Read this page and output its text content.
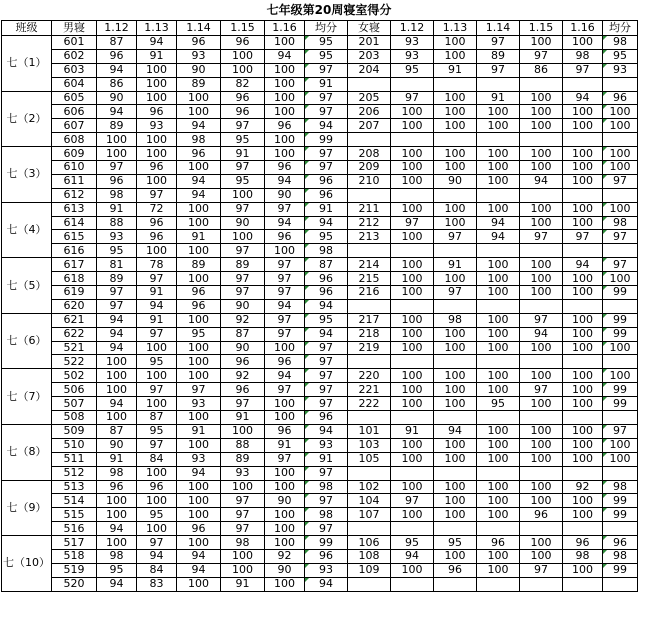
七年级第20周寝室得分
班级	男寝	1.12	1.13	1.14	1.15	1.16	均分	女寝	1.12	1.13	1.14	1.15	1.16	均分
七（1）	601	87	94	96	96	100	95	201	93	100	97	100	100	98
	602	96	91	93	100	94	95	203	93	100	89	97	98	95
	603	94	100	90	100	100	97	204	95	91	97	86	97	93
	604	86	100	89	82	100	91							
七（2）	605	90	100	100	96	100	97	205	97	100	91	100	94	96
	606	94	96	100	96	100	97	206	100	100	100	100	100	100
	607	89	93	94	97	96	94	207	100	100	100	100	100	100
	608	100	100	98	95	100	99							
七（3）	609	100	100	96	91	100	97	208	100	100	100	100	100	100
	610	97	96	100	97	96	97	209	100	100	100	100	100	100
	611	96	100	94	95	94	96	210	100	90	100	94	100	97
	612	98	97	94	100	90	96							
七（4）	613	91	72	100	97	97	91	211	100	100	100	100	100	100
	614	88	96	100	90	94	94	212	97	100	94	100	100	98
	615	93	96	91	100	96	95	213	100	97	94	97	97	97
	616	95	100	100	97	100	98							
七（5）	617	81	78	89	89	97	87	214	100	91	100	100	94	97
	618	89	97	100	97	97	96	215	100	100	100	100	100	100
	619	97	91	96	97	97	96	216	100	97	100	100	100	99
	620	97	94	96	90	94	94							
七（6）	621	94	91	100	92	97	95	217	100	98	100	97	100	99
	622	94	97	95	87	97	94	218	100	100	100	94	100	99
	521	94	100	100	90	100	97	219	100	100	100	100	100	100
	522	100	95	100	96	96	97							
七（7）	502	100	100	100	92	94	97	220	100	100	100	100	100	100
	506	100	97	97	96	97	97	221	100	100	100	97	100	99
	507	94	100	93	97	100	97	222	100	100	95	100	100	99
	508	100	87	100	91	100	96							
七（8）	509	87	95	91	100	96	94	101	91	94	100	100	100	97
	510	90	97	100	88	91	93	103	100	100	100	100	100	100
	511	91	84	93	89	97	91	105	100	100	100	100	100	100
	512	98	100	94	93	100	97							
七（9）	513	96	96	100	100	100	98	102	100	100	100	100	92	98
	514	100	100	100	97	90	97	104	97	100	100	100	100	99
	515	100	95	100	97	100	98	107	100	100	100	96	100	99
	516	94	100	96	97	100	97							
七（10）	517	100	97	100	98	100	99	106	95	95	96	100	96	96
	518	98	94	94	100	92	96	108	94	100	100	100	98	98
	519	95	84	94	100	90	93	109	100	96	100	97	100	99
	520	94	83	100	91	100	94							
